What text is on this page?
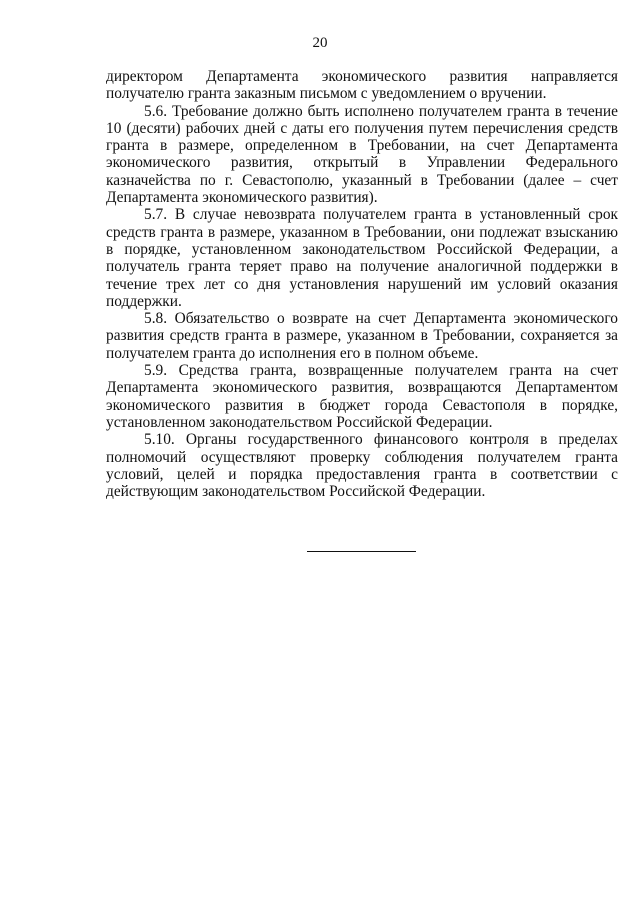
20

директором Департамента экономического развития направляется получателю гранта заказным письмом с уведомлением о вручении.

5.6. Требование должно быть исполнено получателем гранта в течение 10 (десяти) рабочих дней с даты его получения путем перечисления средств гранта в размере, определенном в Требовании, на счет Департамента экономического развития, открытый в Управлении Федерального казначейства по г. Севастополю, указанный в Требовании (далее – счет Департамента экономического развития).

5.7. В случае невозврата получателем гранта в установленный срок средств гранта в размере, указанном в Требовании, они подлежат взысканию в порядке, установленном законодательством Российской Федерации, а получатель гранта теряет право на получение аналогичной поддержки в течение трех лет со дня установления нарушений им условий оказания поддержки.

5.8. Обязательство о возврате на счет Департамента экономического развития средств гранта в размере, указанном в Требовании, сохраняется за получателем гранта до исполнения его в полном объеме.

5.9. Средства гранта, возвращенные получателем гранта на счет Департамента экономического развития, возвращаются Департаментом экономического развития в бюджет города Севастополя в порядке, установленном законодательством Российской Федерации.

5.10. Органы государственного финансового контроля в пределах полномочий осуществляют проверку соблюдения получателем гранта условий, целей и порядка предоставления гранта в соответствии с действующим законодательством Российской Федерации.
